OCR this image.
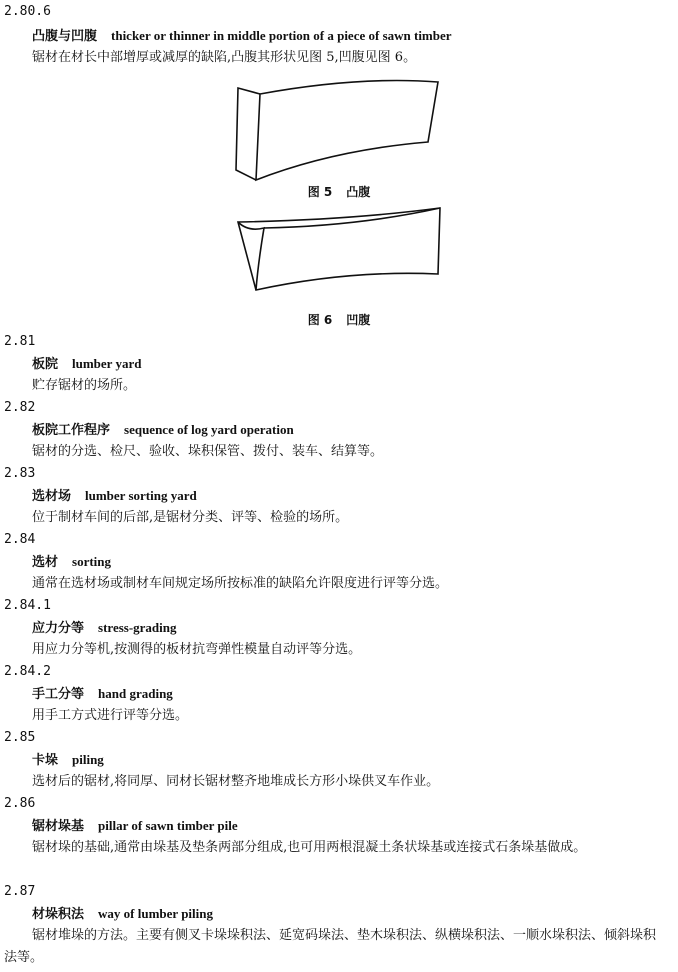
2.80.6
凸腹与凹腹 thicker or thinner in middle portion of a piece of sawn timber
锯材在材长中部增厚或减厚的缺陷,凸腹其形状见图 5,凹腹见图 6。
图 5 凸腹
图 6 凹腹
2.81
板院 lumber yard
贮存锯材的场所。
2.82
板院工作程序 sequence of log yard operation
锯材的分选、检尺、验收、垛积保管、拨付、装车、结算等。
2.83
选材场 lumber sorting yard
位于制材车间的后部,是锯材分类、评等、检验的场所。
2.84
选材 sorting
通常在选材场或制材车间规定场所按标准的缺陷允许限度进行评等分选。
2.84.1
应力分等 stress-grading
用应力分等机,按测得的板材抗弯弹性模量自动评等分选。
2.84.2
手工分等 hand grading
用手工方式进行评等分选。
2.85
卡垛 piling
选材后的锯材,将同厚、同材长锯材整齐地堆成长方形小垛供叉车作业。
2.86
锯材垛基 pillar of sawn timber pile
锯材垛的基础,通常由垛基及垫条两部分组成,也可用两根混凝土条状垛基或连接式石条垛基做成。
2.87
材垛积法 way of lumber piling
锯材堆垛的方法。主要有侧叉卡垛垛积法、延宽码垛法、垫木垛积法、纵横垛积法、一顺水垛积法、倾斜垛积法等。
